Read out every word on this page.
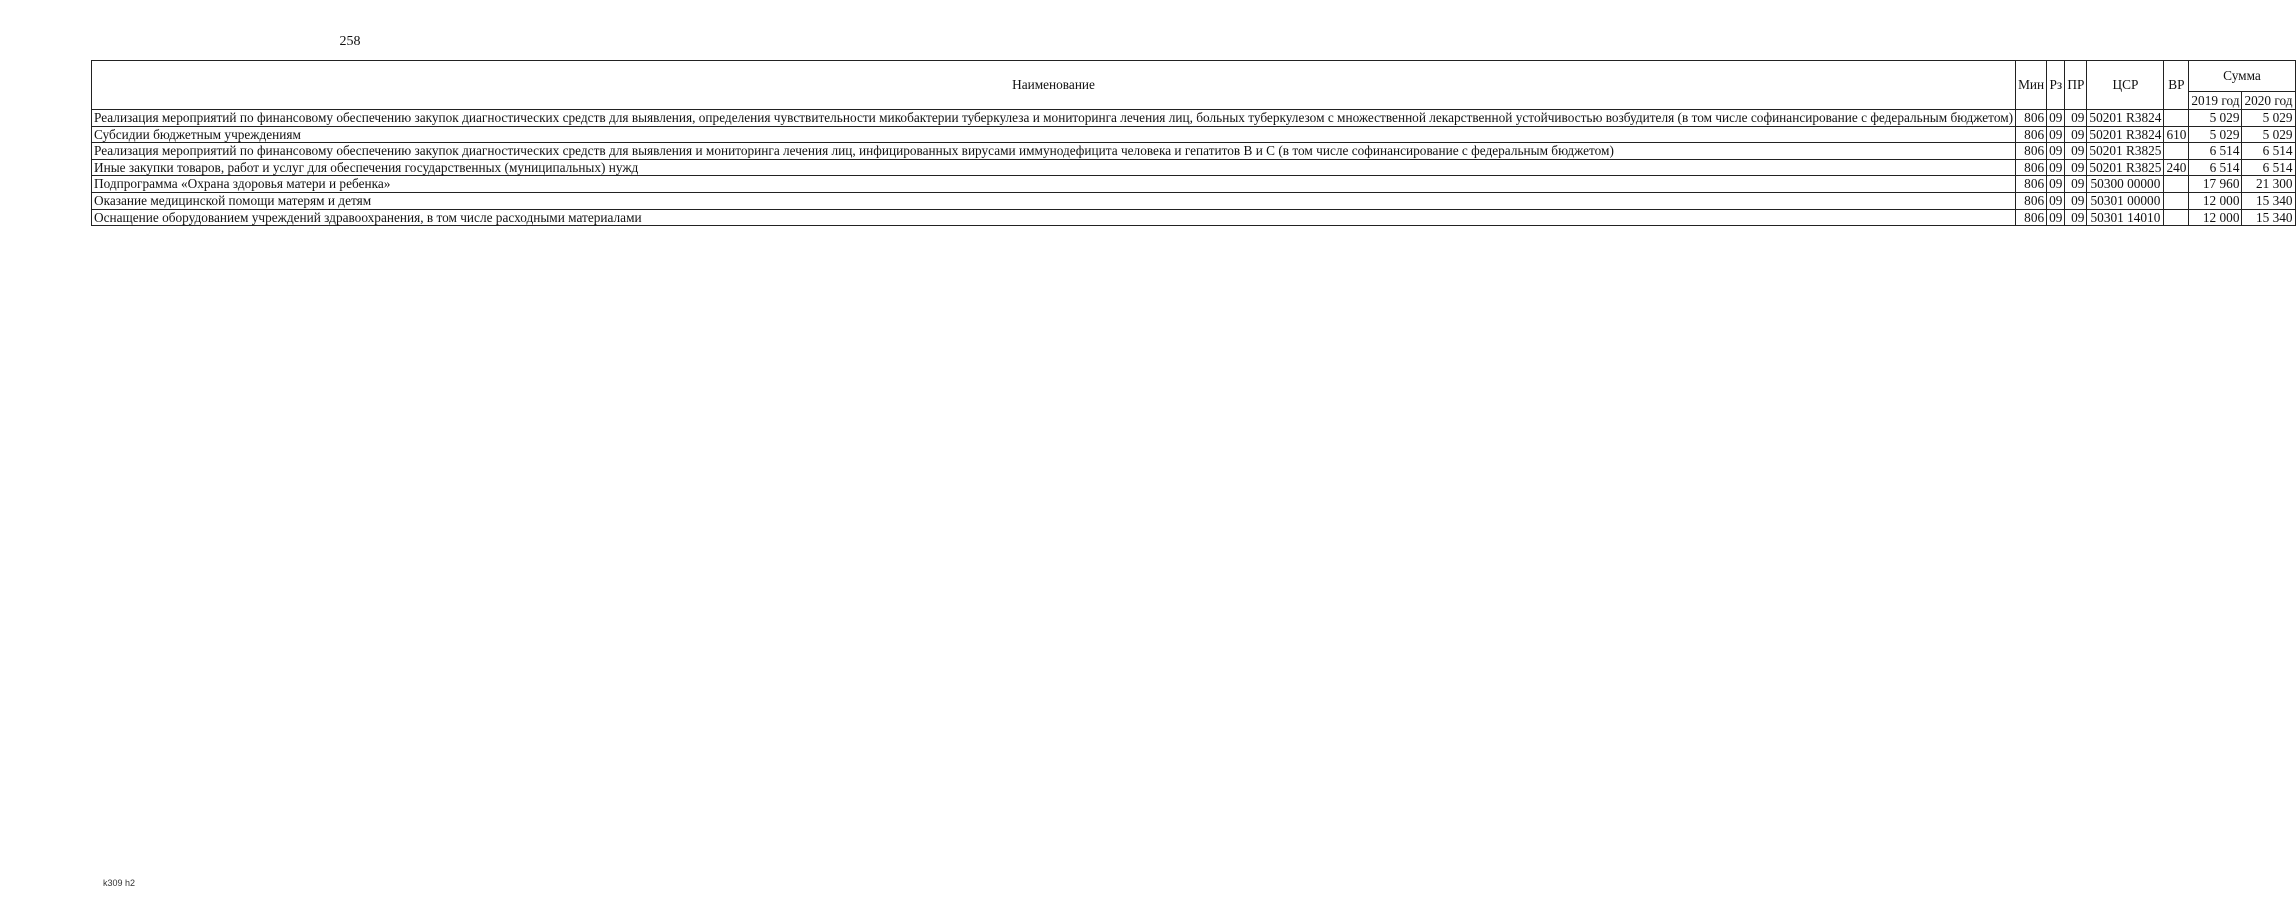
258
Наименование	Мин	Рз	ПР	ЦСР	ВР	Сумма	
						2019 год	2020 год
Реализация мероприятий по финансовому обеспечению закупок диагностических средств для выявления, определения чувствительности микобактерии туберкулеза и мониторинга лечения лиц, больных туберкулезом с множественной лекарственной устойчивостью возбудителя (в том числе софинансирование с федеральным бюджетом)	806	09	09	50201 R3824		5 029	5 029
Субсидии бюджетным учреждениям	806	09	09	50201 R3824	610	5 029	5 029
Реализация мероприятий по финансовому обеспечению закупок диагностических средств для выявления и мониторинга лечения лиц, инфицированных вирусами иммунодефицита человека и гепатитов В и С (в том числе софинансирование с федеральным бюджетом)	806	09	09	50201 R3825		6 514	6 514
Иные закупки товаров, работ и услуг для обеспечения государственных (муниципальных) нужд	806	09	09	50201 R3825	240	6 514	6 514
Подпрограмма «Охрана здоровья матери и ребенка»	806	09	09	50300 00000		17 960	21 300
Оказание медицинской помощи матерям и детям	806	09	09	50301 00000		12 000	15 340
Оснащение оборудованием учреждений здравоохранения, в том числе расходными материалами	806	09	09	50301 14010		12 000	15 340
k309 h2
